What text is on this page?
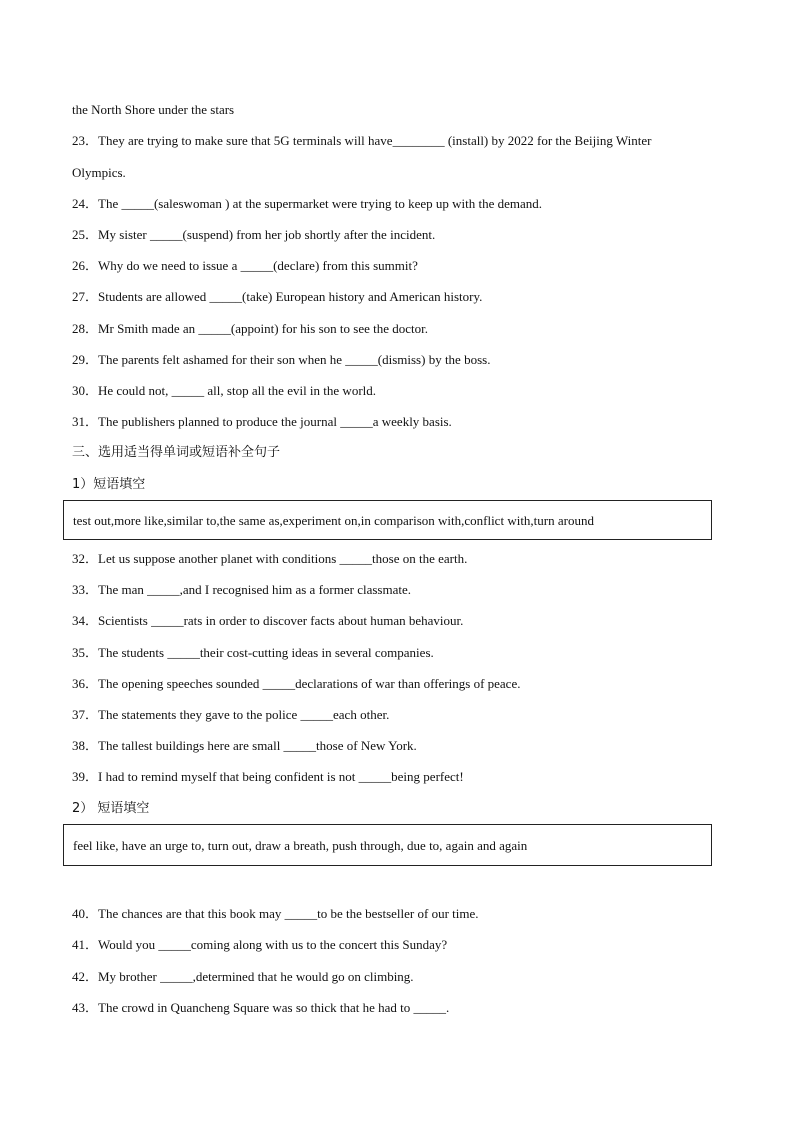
the North Shore under the stars
23．They are trying to make sure that 5G terminals will have________ (install) by 2022 for the Beijing Winter
Olympics.
24．The _____(saleswoman ) at the supermarket were trying to keep up with the demand.
25．My sister _____(suspend) from her job shortly after the incident.
26．Why do we need to issue a _____(declare) from this summit?
27．Students are allowed _____(take) European history and American history.
28．Mr Smith made an _____(appoint) for his son to see the doctor.
29．The parents felt ashamed for their son when he _____(dismiss) by the boss.
30．He could not, _____ all, stop all the evil in the world.
31．The publishers planned to produce the journal _____a weekly basis.
三、选用适当得单词或短语补全句子
1）短语填空
test out,more like,similar to,the same as,experiment on,in comparison with,conflict with,turn around
32．Let us suppose another planet with conditions _____those on the earth.
33．The man _____,and I recognised him as a former classmate.
34．Scientists _____rats in order to discover facts about human behaviour.
35．The students _____their cost-cutting ideas in several companies.
36．The opening speeches sounded _____declarations of war than offerings of peace.
37．The statements they gave to the police _____each other.
38．The tallest buildings here are small _____those of New York.
39．I had to remind myself that being confident is not _____being perfect!
2） 短语填空
feel like, have an urge to, turn out, draw a breath, push through, due to, again and again
40．The chances are that this book may _____to be the bestseller of our time.
41．Would you _____coming along with us to the concert this Sunday?
42．My brother _____,determined that he would go on climbing.
43．The crowd in Quancheng Square was so thick that he had to _____.
